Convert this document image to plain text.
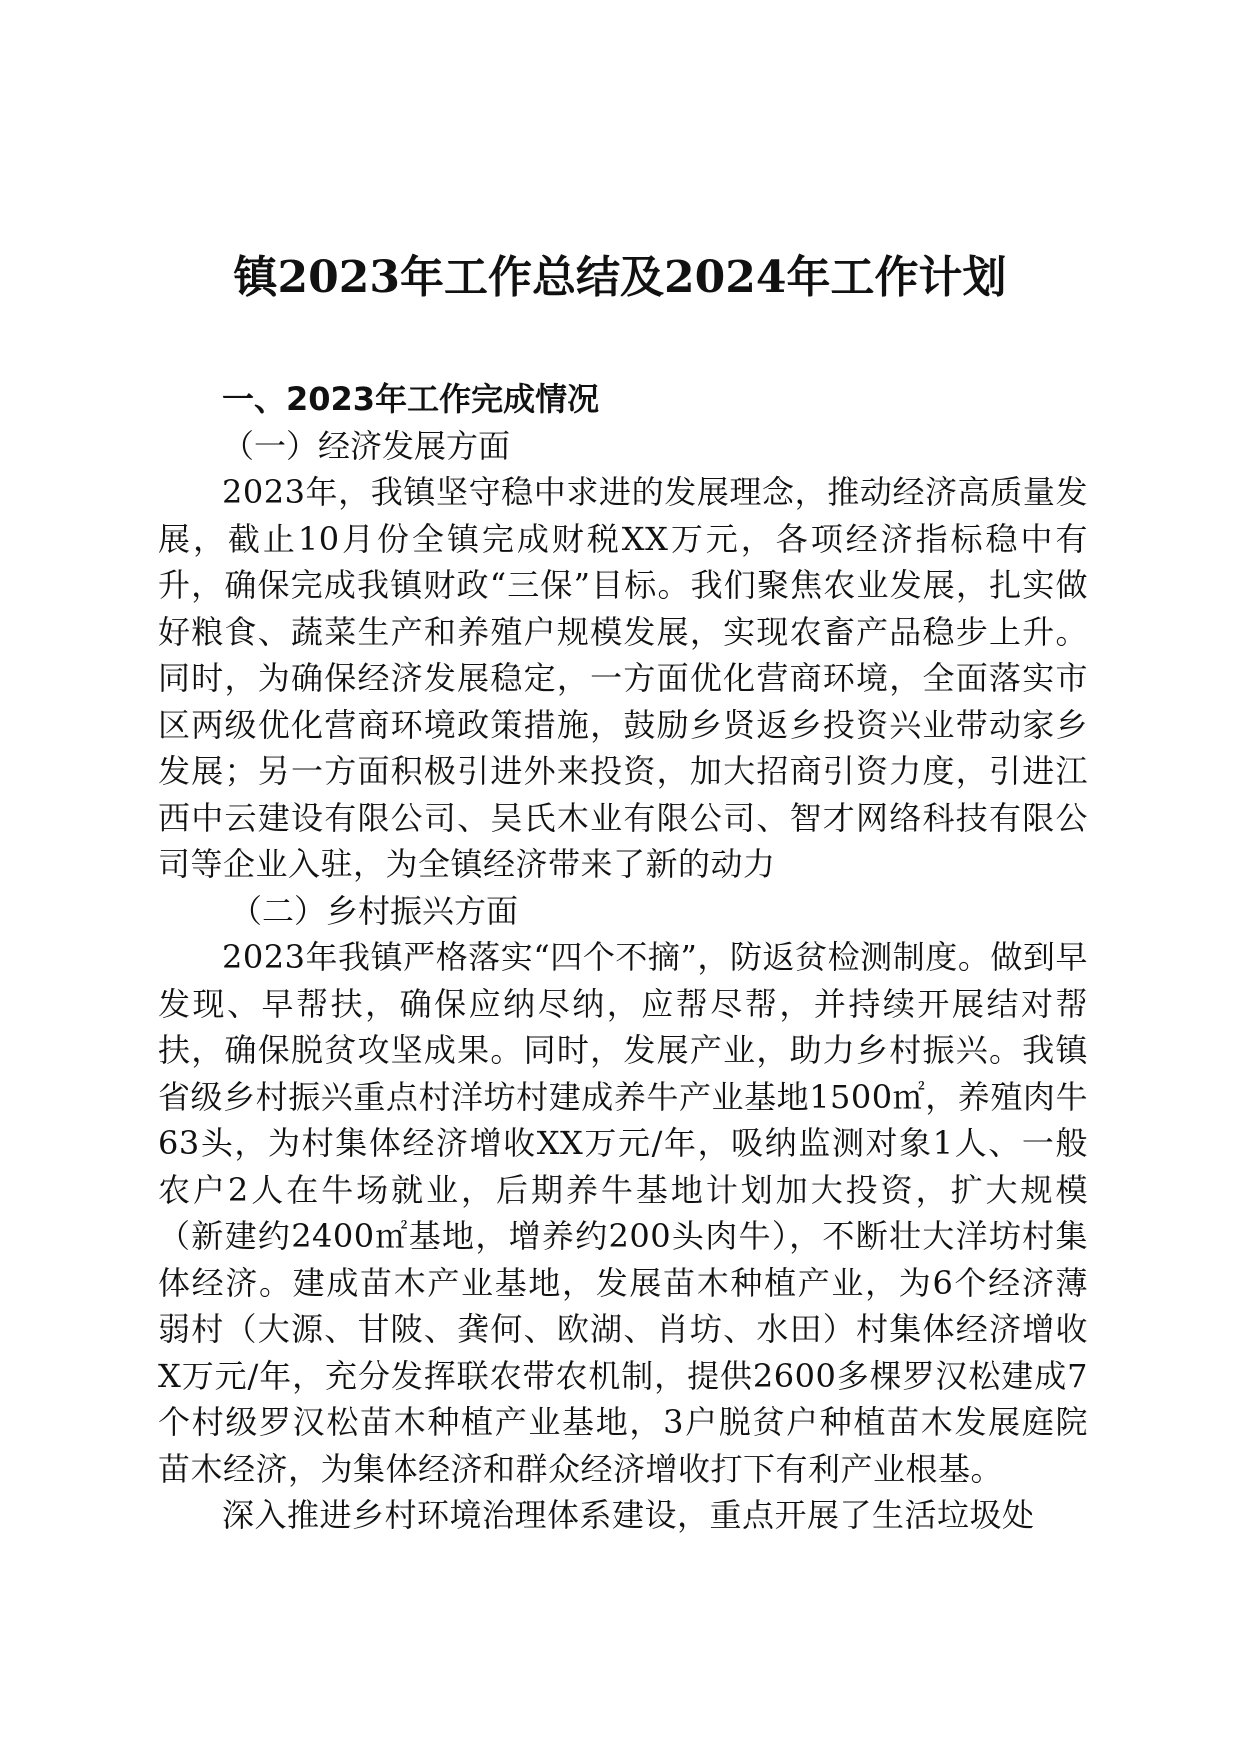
镇2023年工作总结及2024年工作计划
一、2023年工作完成情况
（一）经济发展方面

2023年，我镇坚守稳中求进的发展理念，推动经济高质量发展，截止10月份全镇完成财税XX万元，各项经济指标稳中有升，确保完成我镇财政“三保”目标。我们聚焦农业发展，扎实做好粮食、蔬菜生产和养殖户规模发展，实现农畜产品稳步上升。同时，为确保经济发展稳定，一方面优化营商环境，全面落实市区两级优化营商环境政策措施，鼓励乡贤返乡投资兴业带动家乡发展；另一方面积极引进外来投资，加大招商引资力度，引进江西中云建设有限公司、吴氏木业有限公司、智才网络科技有限公司等企业入驻，为全镇经济带来了新的动力

（二）乡村振兴方面

2023年我镇严格落实“四个不摘”，防返贫检测制度。做到早发现、早帮扶，确保应纳尽纳，应帮尽帮，并持续开展结对帮扶，确保脱贫攻坚成果。同时，发展产业，助力乡村振兴。我镇省级乡村振兴重点村洋坊村建成养牛产业基地1500㎡，养殖肉牛63头，为村集体经济增收XX万元/年，吸纳监测对象1人、一般农户2人在牛场就业，后期养牛基地计划加大投资，扩大规模（新建约2400㎡基地，增养约200头肉牛），不断壮大洋坊村集体经济。建成苗木产业基地，发展苗木种植产业，为6个经济薄弱村（大源、甘陂、龚何、欧湖、肖坊、水田）村集体经济增收X万元/年，充分发挥联农带农机制，提供2600多棵罗汉松建成7个村级罗汉松苗木种植产业基地，3户脱贫户种植苗木发展庭院苗木经济，为集体经济和群众经济增收打下有利产业根基。

深入推进乡村环境治理体系建设，重点开展了生活垃圾处
